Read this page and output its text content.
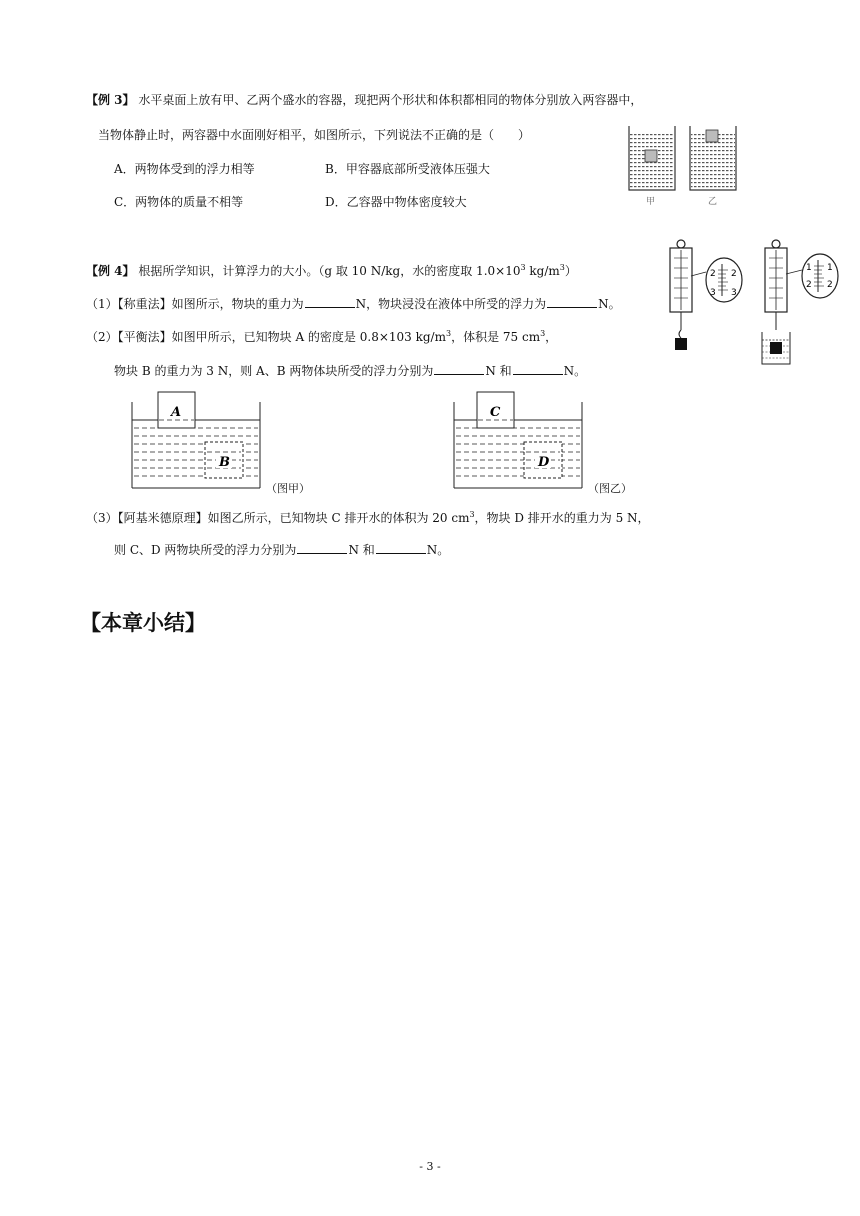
【例 3】 水平桌面上放有甲、乙两个盛水的容器，现把两个形状和体积都相同的物体分别放入两容器中，
当物体静止时，两容器中水面刚好相平，如图所示，下列说法不正确的是（　　）
A．两物体受到的浮力相等	B．甲容器底部所受液体压强大
C．两物体的质量不相等	D．乙容器中物体密度较大	甲	乙
【例 4】 根据所学知识，计算浮力的大小。（g 取 10 N/kg，水的密度取 $1.0\times 10^3$ $kg/m^3$）
（1）【称重法】如图所示，物块的重力为	N，物块浸没在液体中所受的浮力为	N。
（2）【平衡法】如图甲所示，已知物块 A 的密度是 0.8×103 $kg/m^3$，体积是 75 $cm^3$，
物块 B 的重力为 3 N，则 A、B 两物体块所受的浮力分别为	N 和	N。
2 2
3 3
1 1
2 2
A
B
（图甲）
C
D
（图乙）
（3）【阿基米德原理】如图乙所示，已知物块 C 排开水的体积为 20 $cm^3$，物块 D 排开水的重力为 5 N，
则 C、D 两物块所受的浮力分别为	N 和	N。
【本章小结】
- 3 -
